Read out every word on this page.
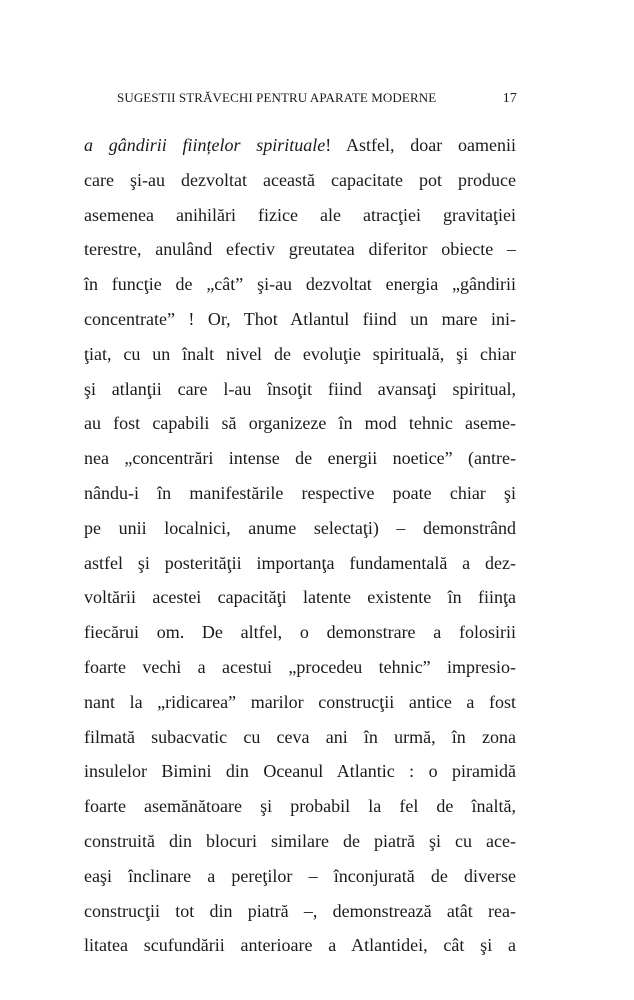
SUGESTII STRĂVECHI PENTRU APARATE MODERNE	17
a gândirii ființelor spirituale! Astfel, doar oamenii
care şi-au dezvoltat această capacitate pot produce
asemenea anihilări fizice ale atracţiei gravitaţiei
terestre, anulând efectiv greutatea diferitor obiecte –
în funcţie de „cât” şi-au dezvoltat energia „gândirii
concentrate” ! Or, Thot Atlantul fiind un mare ini-
ţiat, cu un înalt nivel de evoluţie spirituală, şi chiar
şi atlanţii care l-au însoţit fiind avansaţi spiritual,
au fost capabili să organizeze în mod tehnic aseme-
nea „concentrări intense de energii noetice” (antre-
nându-i în manifestările respective poate chiar şi
pe unii localnici, anume selectaţi) – demonstrând
astfel şi posterităţii importanţa fundamentală a dez-
voltării acestei capacităţi latente existente în fiinţa
fiecărui om. De altfel, o demonstrare a folosirii
foarte vechi a acestui „procedeu tehnic” impresio-
nant la „ridicarea” marilor construcţii antice a fost
filmată subacvatic cu ceva ani în urmă, în zona
insulelor Bimini din Oceanul Atlantic : o piramidă
foarte asemănătoare şi probabil la fel de înaltă,
construită din blocuri similare de piatră şi cu ace-
eaşi înclinare a pereţilor – înconjurată de diverse
construcţii tot din piatră –, demonstrează atât rea-
litatea scufundării anterioare a Atlantidei, cât şi a
